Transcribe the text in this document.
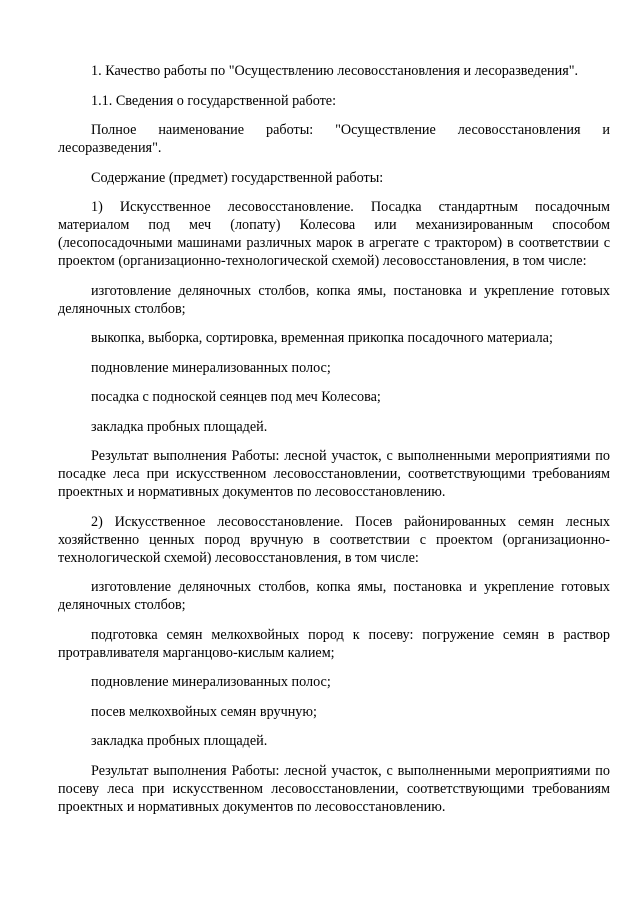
1. Качество работы по "Осуществлению лесовосстановления и лесоразведения".

1.1. Сведения о государственной работе:

Полное наименование работы: "Осуществление лесовосстановления и лесоразведения".

Содержание (предмет) государственной работы:

1) Искусственное лесовосстановление. Посадка стандартным посадочным материалом под меч (лопату) Колесова или механизированным способом (лесопосадочными машинами различных марок в агрегате с трактором) в соответствии с проектом (организационно-технологической схемой) лесовосстановления, в том числе:

изготовление деляночных столбов, копка ямы, постановка и укрепление готовых деляночных столбов;

выкопка, выборка, сортировка, временная прикопка посадочного материала;

подновление минерализованных полос;

посадка с подноской сеянцев под меч Колесова;

закладка пробных площадей.

Результат выполнения Работы: лесной участок, с выполненными мероприятиями по посадке леса при искусственном лесовосстановлении, соответствующими требованиям проектных и нормативных документов по лесовосстановлению.

2) Искусственное лесовосстановление. Посев районированных семян лесных хозяйственно ценных пород вручную в соответствии с проектом (организационно-технологической схемой) лесовосстановления, в том числе:

изготовление деляночных столбов, копка ямы, постановка и укрепление готовых деляночных столбов;

подготовка семян мелкохвойных пород к посеву: погружение семян в раствор протравливателя марганцово-кислым калием;

подновление минерализованных полос;

посев мелкохвойных семян вручную;

закладка пробных площадей.

Результат выполнения Работы: лесной участок, с выполненными мероприятиями по посеву леса при искусственном лесовосстановлении, соответствующими требованиям проектных и нормативных документов по лесовосстановлению.
